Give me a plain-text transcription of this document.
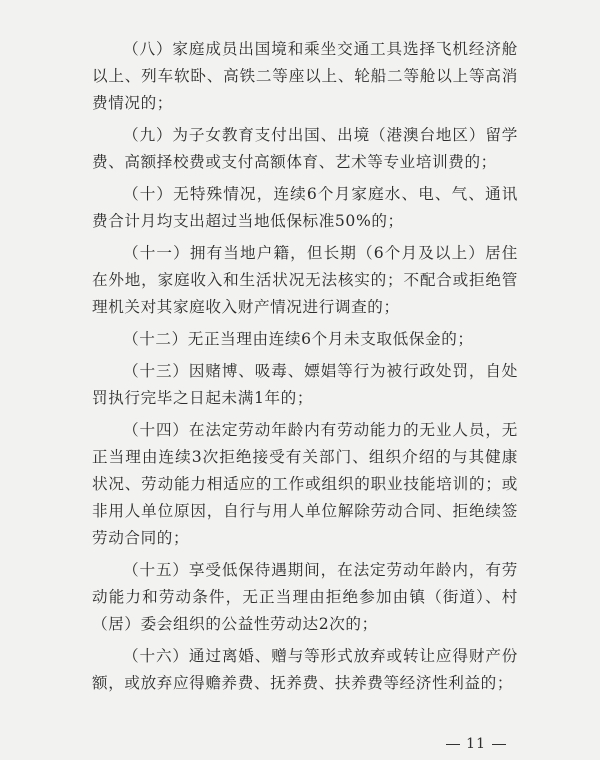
（八）家庭成员出国境和乘坐交通工具选择飞机经济舱以上、列车软卧、高铁二等座以上、轮船二等舱以上等高消费情况的；

（九）为子女教育支付出国、出境（港澳台地区）留学费、高额择校费或支付高额体育、艺术等专业培训费的；

（十）无特殊情况，连续6个月家庭水、电、气、通讯费合计月均支出超过当地低保标准50%的；

（十一）拥有当地户籍，但长期（6个月及以上）居住在外地，家庭收入和生活状况无法核实的；不配合或拒绝管理机关对其家庭收入财产情况进行调查的；

（十二）无正当理由连续6个月未支取低保金的；

（十三）因赌博、吸毒、嫖娼等行为被行政处罚，自处罚执行完毕之日起未满1年的；

（十四）在法定劳动年龄内有劳动能力的无业人员，无正当理由连续3次拒绝接受有关部门、组织介绍的与其健康状况、劳动能力相适应的工作或组织的职业技能培训的；或非用人单位原因，自行与用人单位解除劳动合同、拒绝续签劳动合同的；

（十五）享受低保待遇期间，在法定劳动年龄内，有劳动能力和劳动条件，无正当理由拒绝参加由镇（街道）、村（居）委会组织的公益性劳动达2次的；

（十六）通过离婚、赠与等形式放弃或转让应得财产份额，或放弃应得赡养费、抚养费、扶养费等经济性利益的；

11
